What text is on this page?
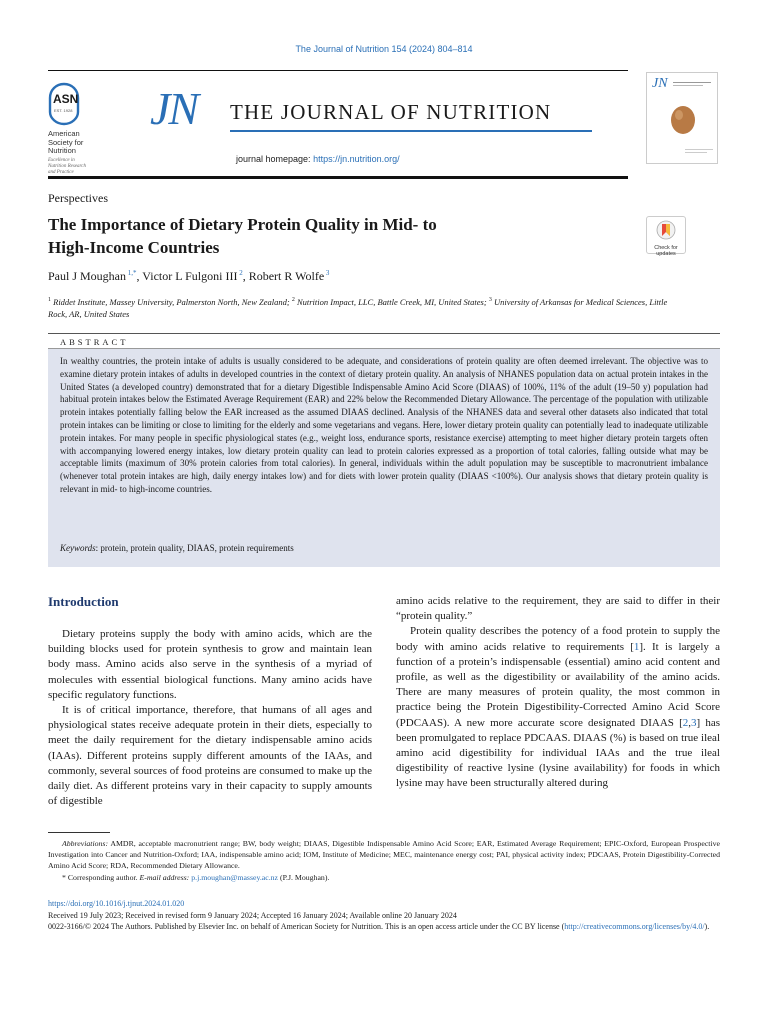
The Journal of Nutrition 154 (2024) 804–814
ASN
EST. 1928
American
Society for
Nutrition
Excellence in
Nutrition Research
and Practice
JN THE JOURNAL OF NUTRITION
journal homepage: https://jn.nutrition.org/
JN
Perspectives
The Importance of Dietary Protein Quality in Mid- to
High-Income Countries	Check for
updates
Paul J Moughan $^{1,*}$, Victor L Fulgoni III $^2$, Robert R Wolfe $^3$
$^1$ Riddet Institute, Massey University, Palmerston North, New Zealand; $^2$ Nutrition Impact, LLC, Battle Creek, MI, United States; $^3$ University of Arkansas for Medical Sciences, Little Rock, AR, United States
ABSTRACT
In wealthy countries, the protein intake of adults is usually considered to be adequate, and considerations of protein quality are often deemed irrelevant. The objective was to examine dietary protein intakes of adults in developed countries in the context of dietary protein quality. An analysis of NHANES population data on actual protein intakes in the United States (a developed country) demonstrated that for a dietary Digestible Indispensable Amino Acid Score (DIAAS) of 100%, 11% of the adult (19–50 y) population had habitual protein intakes below the Estimated Average Requirement (EAR) and 22% below the Recommended Dietary Allowance. The percentage of the population with utilizable protein intakes potentially falling below the EAR increased as the assumed DIAAS declined. Analysis of the NHANES data and several other datasets also indicated that total protein intakes can be limiting or close to limiting for the elderly and some vegetarians and vegans. Here, lower dietary protein quality can potentially lead to inadequate utilizable protein intakes. For many people in specific physiological states (e.g., weight loss, endurance sports, resistance exercise) attempting to meet higher dietary protein targets often with accompanying lowered energy intakes, low dietary protein quality can lead to protein calories expressed as a proportion of total calories, falling outside what may be acceptable limits (maximum of 30% protein calories from total calories). In general, individuals within the adult population may be susceptible to macronutrient imbalance (whenever total protein intakes are high, daily energy intakes low) and for diets with lower protein quality (DIAAS <100%). Our analysis shows that dietary protein quality is relevant in mid- to high-income countries.
Keywords: protein, protein quality, DIAAS, protein requirements
Introduction

Dietary proteins supply the body with amino acids, which are the building blocks used for protein synthesis to grow and maintain lean body mass. Amino acids also serve in the synthesis of a myriad of molecules with essential biological functions. Many amino acids have specific regulatory functions.

It is of critical importance, therefore, that humans of all ages and physiological states receive adequate protein in their diets, especially to meet the daily requirement for the dietary indispensable amino acids (IAAs). Different proteins supply different amounts of the IAAs, and commonly, several sources of food proteins are consumed to make up the daily diet. As different proteins vary in their capacity to supply amounts of digestible

amino acids relative to the requirement, they are said to differ in their “protein quality.”

Protein quality describes the potency of a food protein to supply the body with amino acids relative to requirements [1]. It is largely a function of a protein’s indispensable (essential) amino acid content and profile, as well as the digestibility or availability of the amino acids. There are many measures of protein quality, the most common in practice being the Protein Digestibility-Corrected Amino Acid Score (PDCAAS). A new more accurate score designated DIAAS [2,3] has been promulgated to replace PDCAAS. DIAAS (%) is based on true ileal amino acid digestibility for individual IAAs and the true ileal digestibility of reactive lysine (lysine availability) for foods in which lysine may have been structurally altered during

Abbreviations: AMDR, acceptable macronutrient range; BW, body weight; DIAAS, Digestible Indispensable Amino Acid Score; EAR, Estimated Average Requirement; EPIC-Oxford, European Prospective Investigation into Cancer and Nutrition-Oxford; IAA, indispensable amino acid; IOM, Institute of Medicine; MEC, maintenance energy cost; PAI, physical activity index; PDCAAS, Protein Digestibility-Corrected Amino Acid Score; RDA, Recommended Dietary Allowance.

* Corresponding author. E-mail address: p.j.moughan@massey.ac.nz (P.J. Moughan).

https://doi.org/10.1016/j.tjnut.2024.01.020
Received 19 July 2023; Received in revised form 9 January 2024; Accepted 16 January 2024; Available online 20 January 2024
0022-3166/© 2024 The Authors. Published by Elsevier Inc. on behalf of American Society for Nutrition. This is an open access article under the CC BY license (http://creativecommons.org/licenses/by/4.0/).
